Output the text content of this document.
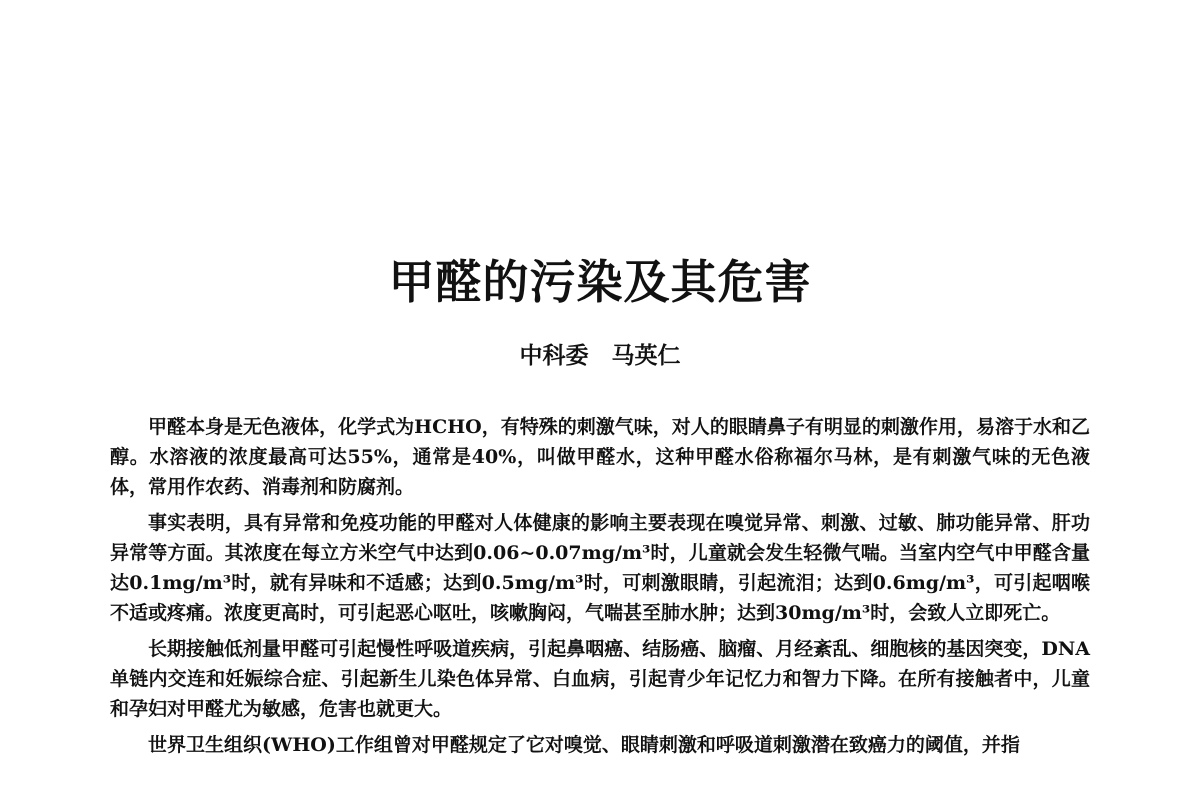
甲醛的污染及其危害
中科委　马英仁

甲醛本身是无色液体，化学式为HCHO，有特殊的刺激气味，对人的眼睛鼻子有明显的刺激作用，易溶于水和乙醇。水溶液的浓度最高可达55%，通常是40%，叫做甲醛水，这种甲醛水俗称福尔马林，是有刺激气味的无色液体，常用作农药、消毒剂和防腐剂。

事实表明，具有异常和免疫功能的甲醛对人体健康的影响主要表现在嗅觉异常、刺激、过敏、肺功能异常、肝功异常等方面。其浓度在每立方米空气中达到0.06~0.07mg/m³时，儿童就会发生轻微气喘。当室内空气中甲醛含量达0.1mg/m³时，就有异味和不适感；达到0.5mg/m³时，可刺激眼睛，引起流泪；达到0.6mg/m³，可引起咽喉不适或疼痛。浓度更高时，可引起恶心呕吐，咳嗽胸闷，气喘甚至肺水肿；达到30mg/m³时，会致人立即死亡。

长期接触低剂量甲醛可引起慢性呼吸道疾病，引起鼻咽癌、结肠癌、脑瘤、月经紊乱、细胞核的基因突变，DNA单链内交连和妊娠综合症、引起新生儿染色体异常、白血病，引起青少年记忆力和智力下降。在所有接触者中，儿童和孕妇对甲醛尤为敏感，危害也就更大。

世界卫生组织(WHO)工作组曾对甲醛规定了它对嗅觉、眼睛刺激和呼吸道刺激潜在致癌力的阈值，并指
